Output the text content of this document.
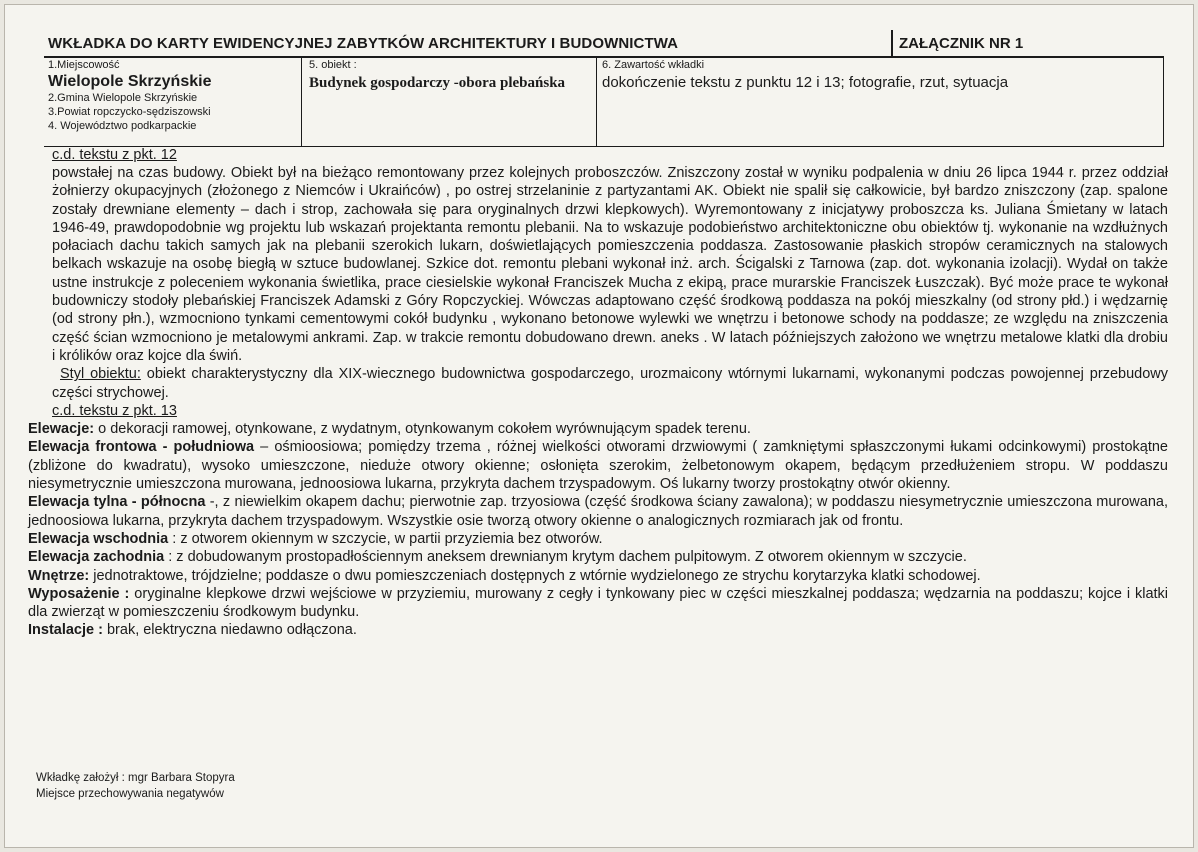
WKŁADKA DO KARTY EWIDENCYJNEJ ZABYTKÓW ARCHITEKTURY I BUDOWNICTWA	ZAŁĄCZNIK NR 1
1.Miejscowość
Wielopole Skrzyńskie
2.Gmina Wielopole Skrzyńskie
3.Powiat ropczycko-sędziszowski
4. Województwo podkarpackie
5. obiekt :
Budynek gospodarczy -obora plebańska
6. Zawartość wkładki
dokończenie tekstu z punktu 12 i 13; fotografie, rzut, sytuacja
c.d. tekstu z pkt. 12
powstałej na czas budowy. Obiekt był na bieżąco remontowany przez kolejnych proboszczów. Zniszczony został w wyniku podpalenia w dniu 26 lipca 1944 r. przez oddział żołnierzy okupacyjnych (złożonego z Niemców i Ukraińców) , po ostrej strzelaninie z partyzantami AK. Obiekt nie spalił się całkowicie, był bardzo zniszczony (zap. spalone zostały drewniane elementy – dach i strop, zachowała się para oryginalnych drzwi klepkowych). Wyremontowany z inicjatywy proboszcza ks. Juliana Śmietany w latach 1946-49, prawdopodobnie wg projektu lub wskazań projektanta remontu plebanii. Na to wskazuje podobieństwo architektoniczne obu obiektów tj. wykonanie na wzdłużnych połaciach dachu takich samych jak na plebanii szerokich lukarn, doświetlających pomieszczenia poddasza. Zastosowanie płaskich stropów ceramicznych na stalowych belkach wskazuje na osobę biegłą w sztuce budowlanej. Szkice dot. remontu plebani wykonał inż. arch. Ścigalski z Tarnowa (zap. dot. wykonania izolacji). Wydał on także ustne instrukcje z poleceniem wykonania świetlika, prace ciesielskie wykonał Franciszek Mucha z ekipą, prace murarskie Franciszek Łuszczak). Być może prace te wykonał budowniczy stodoły plebańskiej Franciszek Adamski z Góry Ropczyckiej. Wówczas adaptowano część środkową poddasza na pokój mieszkalny (od strony płd.) i wędzarnię (od strony płn.), wzmocniono tynkami cementowymi cokół budynku , wykonano betonowe wylewki we wnętrzu i betonowe schody na poddasze; ze względu na zniszczenia część ścian wzmocniono je metalowymi ankrami. Zap. w trakcie remontu dobudowano drewn. aneks . W latach późniejszych założono we wnętrzu metalowe klatki dla drobiu i królików oraz kojce dla świń.
Styl obiektu: obiekt charakterystyczny dla XIX-wiecznego budownictwa gospodarczego, urozmaicony wtórnymi lukarnami, wykonanymi podczas powojennej przebudowy części strychowej.
c.d. tekstu z pkt. 13
Elewacje: o dekoracji ramowej, otynkowane, z wydatnym, otynkowanym cokołem wyrównującym spadek terenu.
Elewacja frontowa - południowa – ośmioosiowa; pomiędzy trzema , różnej wielkości otworami drzwiowymi ( zamkniętymi spłaszczonymi łukami odcinkowymi) prostokątne (zbliżone do kwadratu), wysoko umieszczone, nieduże otwory okienne; osłonięta szerokim, żelbetonowym okapem, będącym przedłużeniem stropu. W poddaszu niesymetrycznie umieszczona murowana, jednoosiowa lukarna, przykryta dachem trzyspadowym. Oś lukarny tworzy prostokątny otwór okienny.
Elewacja tylna - północna -, z niewielkim okapem dachu; pierwotnie zap. trzyosiowa (część środkowa ściany zawalona); w poddaszu niesymetrycznie umieszczona murowana, jednoosiowa lukarna, przykryta dachem trzyspadowym. Wszystkie osie tworzą otwory okienne o analogicznych rozmiarach jak od frontu.
Elewacja wschodnia : z otworem okiennym w szczycie, w partii przyziemia bez otworów.
Elewacja zachodnia : z dobudowanym prostopadłościennym aneksem drewnianym krytym dachem pulpitowym. Z otworem okiennym w szczycie.
Wnętrze: jednotraktowe, trójdzielne; poddasze o dwu pomieszczeniach dostępnych z wtórnie wydzielonego ze strychu korytarzyka klatki schodowej.
Wyposażenie : oryginalne klepkowe drzwi wejściowe w przyziemiu, murowany z cegły i tynkowany piec w części mieszkalnej poddasza; wędzarnia na poddaszu; kojce i klatki dla zwierząt w pomieszczeniu środkowym budynku.
Instalacje : brak, elektryczna niedawno odłączona.
Wkładkę założył : mgr Barbara Stopyra
Miejsce przechowywania negatywów
